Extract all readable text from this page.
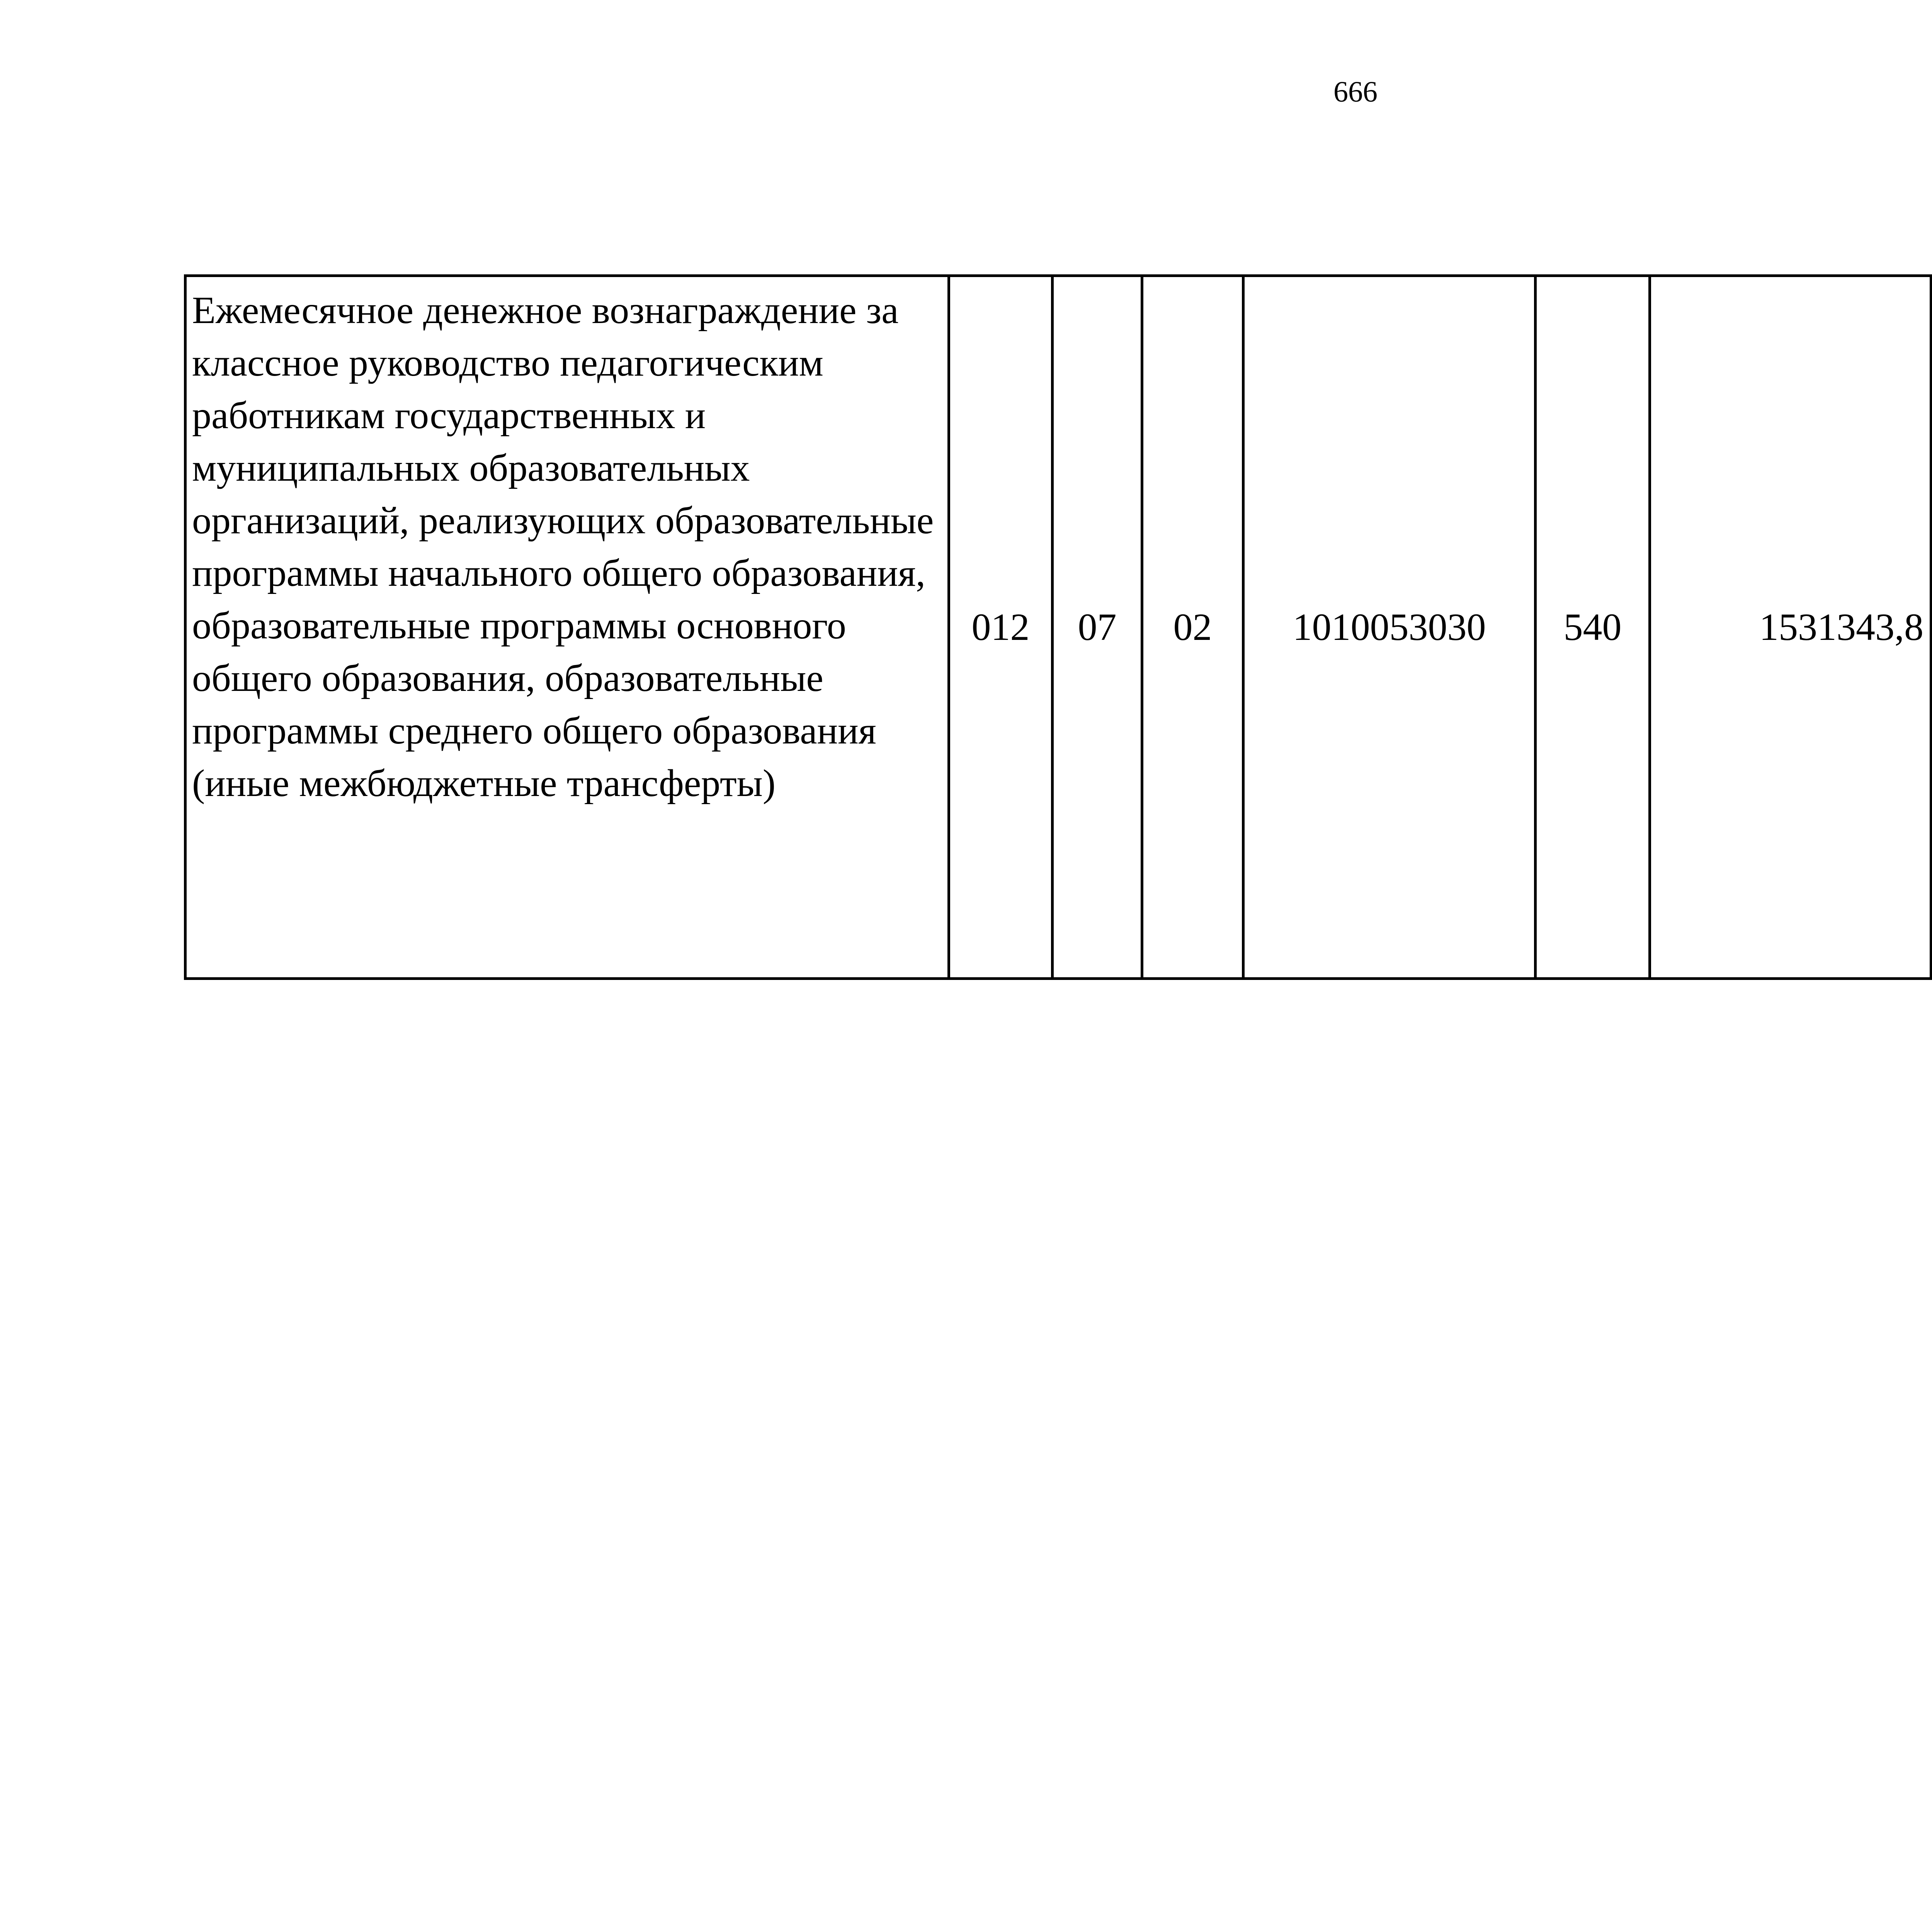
666
Ежемесячное денежное вознаграждение за классное руководство педагогическим работникам государственных и муниципальных образовательных организаций, реализующих образовательные программы начального общего образования, образовательные программы основного общего образования, образовательные программы среднего общего образования (иные межбюджетные трансферты)	012	07	02	1010053030	540	1531343,8		
